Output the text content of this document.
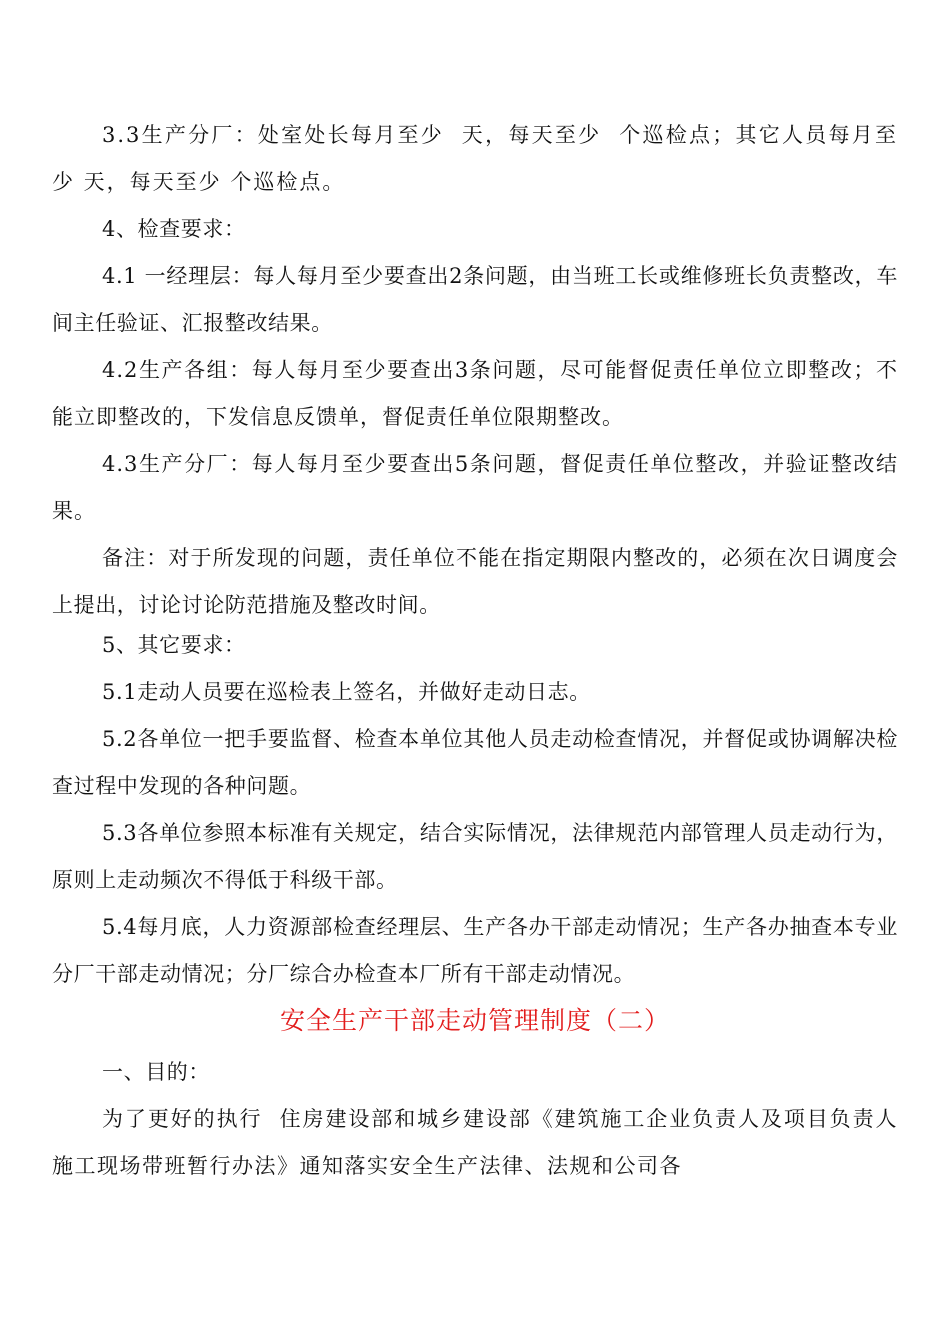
3.3生产分厂：处室处长每月至少  天，每天至少  个巡检点；其它人员每月至少 天，每天至少 个巡检点。

4、检查要求：

4.1 一经理层：每人每月至少要查出2条问题，由当班工长或维修班长负责整改，车间主任验证、汇报整改结果。

4.2生产各组：每人每月至少要查出3条问题，尽可能督促责任单位立即整改；不能立即整改的，下发信息反馈单，督促责任单位限期整改。

4.3生产分厂：每人每月至少要查出5条问题，督促责任单位整改，并验证整改结果。

备注：对于所发现的问题，责任单位不能在指定期限内整改的，必须在次日调度会上提出，讨论讨论防范措施及整改时间。

5、其它要求：

5.1走动人员要在巡检表上签名，并做好走动日志。

5.2各单位一把手要监督、检查本单位其他人员走动检查情况，并督促或协调解决检查过程中发现的各种问题。

5.3各单位参照本标准有关规定，结合实际情况，法律规范内部管理人员走动行为，原则上走动频次不得低于科级干部。

5.4每月底，人力资源部检查经理层、生产各办干部走动情况；生产各办抽查本专业分厂干部走动情况；分厂综合办检查本厂所有干部走动情况。

安全生产干部走动管理制度（二）

一、目的：

为了更好的执行  住房建设部和城乡建设部《建筑施工企业负责人及项目负责人施工现场带班暂行办法》通知落实安全生产法律、法规和公司各
